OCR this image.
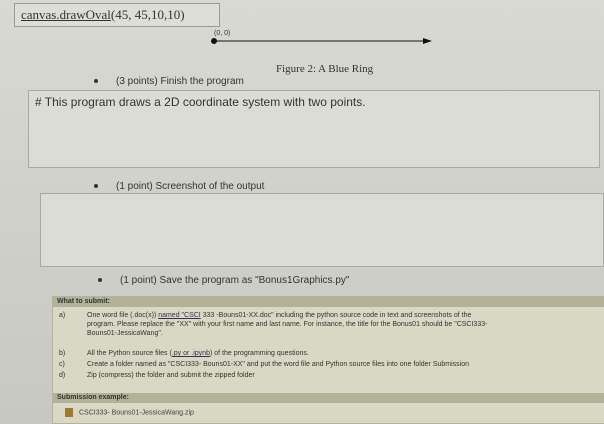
canvas.drawOval(45, 45,10,10)
(0, 0)
Figure 2: A Blue Ring
(3 points) Finish the program
# This program draws a 2D coordinate system with two points.
(1 point) Screenshot of the output
(1 point) Save the program as "Bonus1Graphics.py"
What to submit:
a)	One word file (.doc(x)) named "CSCI 333 -Bouns01-XX.doc" including the python source code in text and screenshots of the
program. Please replace the "XX" with your first name and last name. For instance, the title for the Bonus01 should be "CSCI333-
Bouns01-JessicaWang".
b)	All the Python source files (.py or .ipynb) of the programming questions.
c)	Create a folder named as "CSCI333- Bouns01-XX" and put the word file and Python source files into one folder Submission
d)	Zip (compress) the folder and submit the zipped folder
Submission example:
CSCI333- Bouns01-JessicaWang.zip
